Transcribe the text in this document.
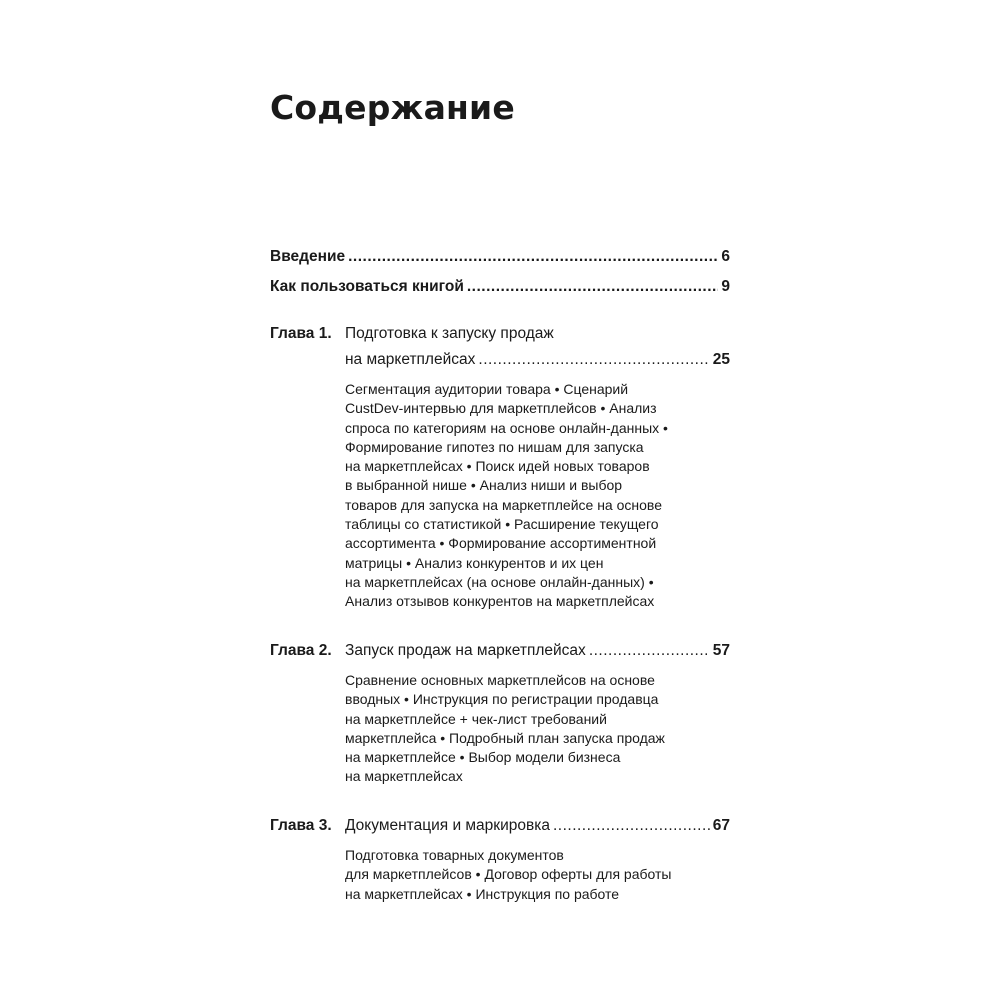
Содержание
Введение .....	6
Как пользоваться книгой .....	9
Глава 1. Подготовка к запуску продаж
на маркетплейсах .....	25
Сегментация аудитории товара • Сценарий
CustDev-интервью для маркетплейсов • Анализ
спроса по категориям на основе онлайн-данных •
Формирование гипотез по нишам для запуска
на маркетплейсах • Поиск идей новых товаров
в выбранной нише • Анализ ниши и выбор
товаров для запуска на маркетплейсе на основе
таблицы со статистикой • Расширение текущего
ассортимента • Формирование ассортиментной
матрицы • Анализ конкурентов и их цен
на маркетплейсах (на основе онлайн-данных) •
Анализ отзывов конкурентов на маркетплейсах
Глава 2. Запуск продаж на маркетплейсах .....	57
Сравнение основных маркетплейсов на основе
вводных • Инструкция по регистрации продавца
на маркетплейсе + чек-лист требований
маркетплейса • Подробный план запуска продаж
на маркетплейсе • Выбор модели бизнеса
на маркетплейсах
Глава 3. Документация и маркировка .....	67
Подготовка товарных документов
для маркетплейсов • Договор оферты для работы
на маркетплейсах • Инструкция по работе
